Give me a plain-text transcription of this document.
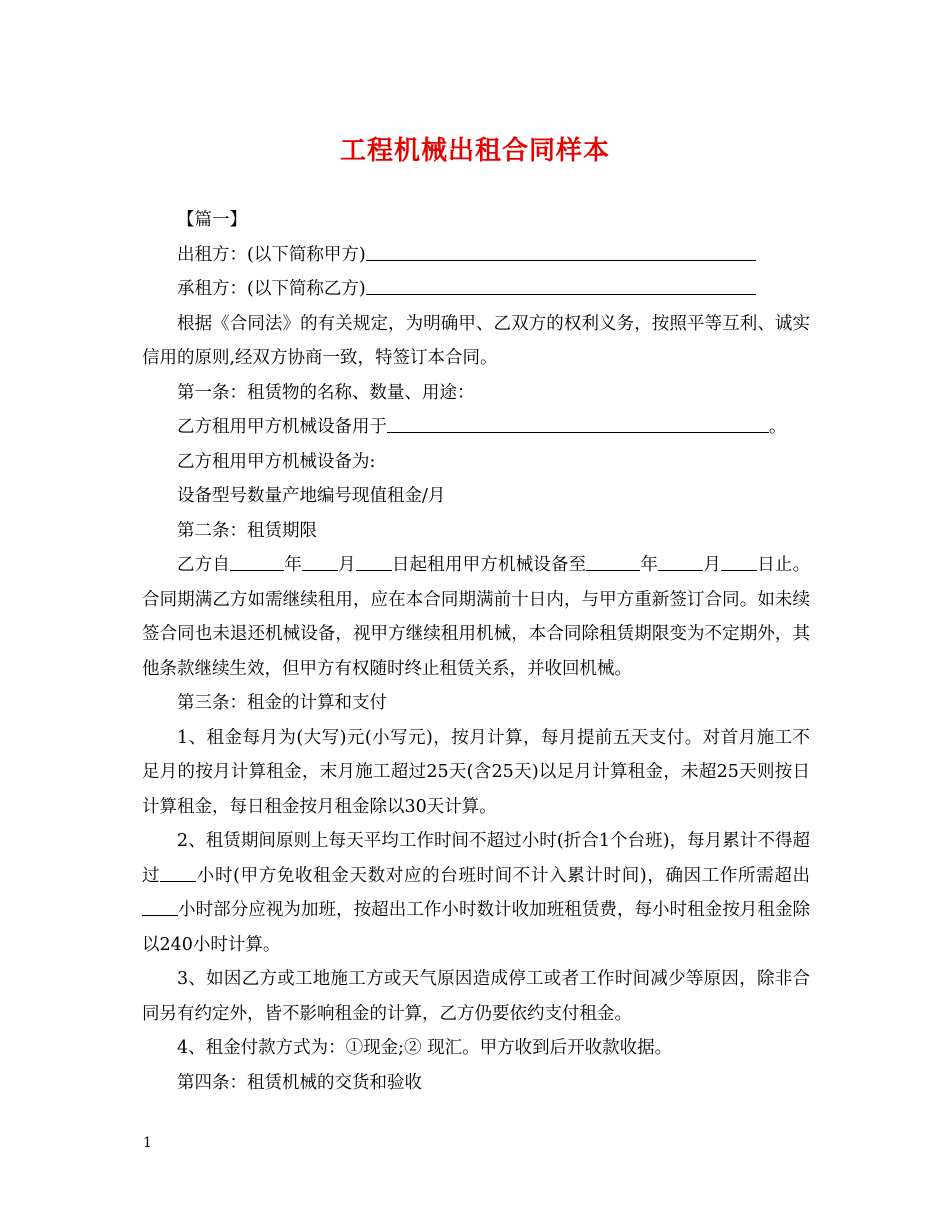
工程机械出租合同样本

【篇一】

出租方：(以下简称甲方)

承租方：(以下简称乙方)

根据《合同法》的有关规定，为明确甲、乙双方的权利义务，按照平等互利、诚实信用的原则,经双方协商一致，特签订本合同。

第一条：租赁物的名称、数量、用途：

乙方租用甲方机械设备用于	。

乙方租用甲方机械设备为:

设备型号数量产地编号现值租金/月

第二条：租赁期限

乙方自	年 月 日起租用甲方机械设备至	年	月 日止。合同期满乙方如需继续租用，应在本合同期满前十日内，与甲方重新签订合同。如未续签合同也未退还机械设备，视甲方继续租用机械，本合同除租赁期限变为不定期外，其他条款继续生效，但甲方有权随时终止租赁关系，并收回机械。

第三条：租金的计算和支付

1、租金每月为(大写)元(小写元)，按月计算，每月提前五天支付。对首月施工不足月的按月计算租金，末月施工超过25天(含25天)以足月计算租金，未超25天则按日计算租金，每日租金按月租金除以30天计算。

2、租赁期间原则上每天平均工作时间不超过小时(折合1个台班)，每月累计不得超过 小时(甲方免收租金天数对应的台班时间不计入累计时间)，确因工作所需超出小时部分应视为加班，按超出工作小时数计收加班租赁费，每小时租金按月租金除以240小时计算。

3、如因乙方或工地施工方或天气原因造成停工或者工作时间减少等原因，除非合同另有约定外，皆不影响租金的计算，乙方仍要依约支付租金。

4、租金付款方式为：①现金;② 现汇。甲方收到后开收款收据。

第四条：租赁机械的交货和验收

1
